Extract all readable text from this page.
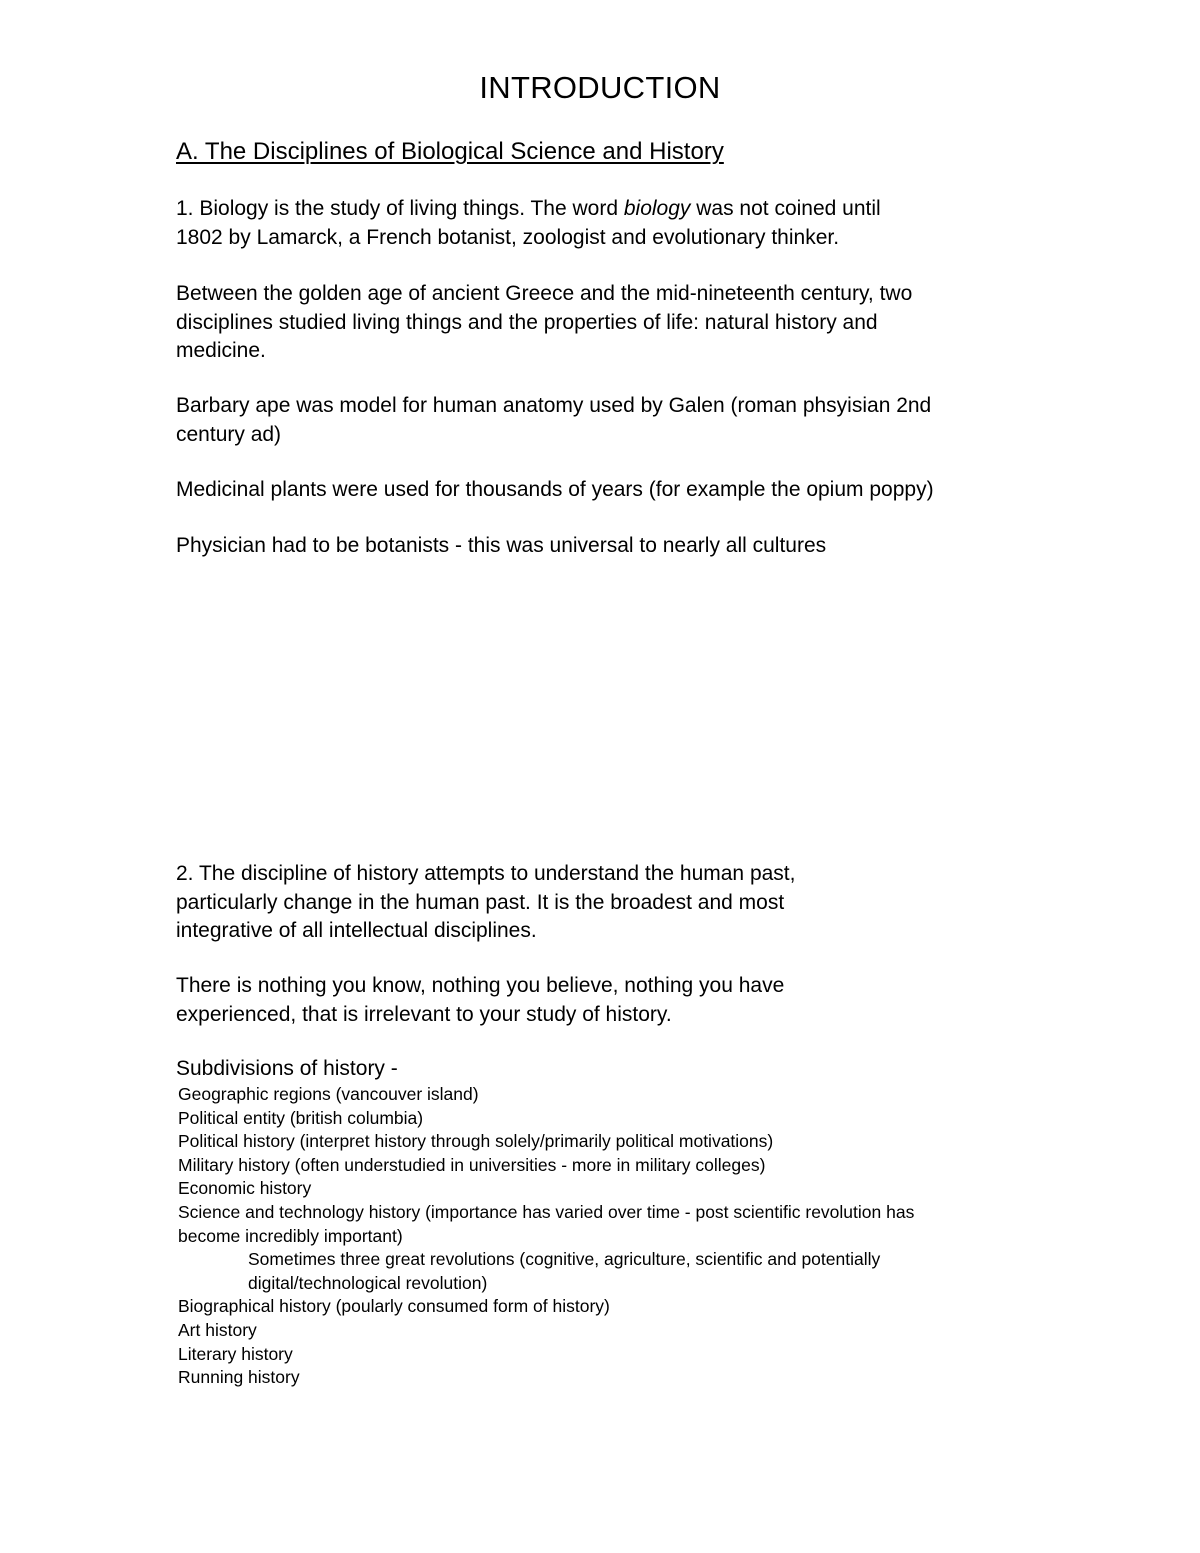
INTRODUCTION
A. The Disciplines of Biological Science and History

1. Biology is the study of living things. The word biology was not coined until
1802 by Lamarck, a French botanist, zoologist and evolutionary thinker.

Between the golden age of ancient Greece and the mid-nineteenth century, two
disciplines studied living things and the properties of life: natural history and
medicine.

Barbary ape was model for human anatomy used by Galen (roman phsyisian 2nd
century ad)

Medicinal plants were used for thousands of years (for example the opium poppy)

Physician had to be botanists - this was universal to nearly all cultures

2. The discipline of history attempts to understand the human past,
particularly change in the human past. It is the broadest and most
integrative of all intellectual disciplines.

There is nothing you know, nothing you believe, nothing you have
experienced, that is irrelevant to your study of history.

Subdivisions of history -
Geographic regions (vancouver island)
Political entity (british columbia)
Political history (interpret history through solely/primarily political motivations)
Military history (often understudied in universities - more in military colleges)
Economic history
Science and technology history (importance has varied over time - post scientific revolution has
become incredibly important)
Sometimes three great revolutions (cognitive, agriculture, scientific and potentially
digital/technological revolution)
Biographical history (poularly consumed form of history)
Art history
Literary history
Running history
